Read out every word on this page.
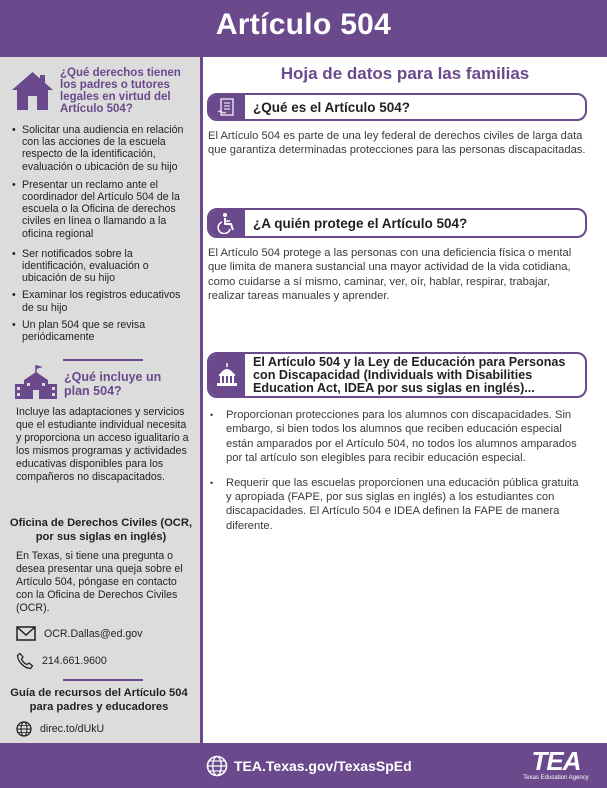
Artículo 504
¿Qué derechos tienen los padres o tutores legales en virtud del Artículo 504?
• Solicitar una audiencia en relación con las acciones de la escuela respecto de la identificación, evaluación o ubicación de su hijo
• Presentar un reclamo ante el coordinador del Artículo 504 de la escuela o la Oficina de derechos civiles en línea o llamando a la oficina regional
• Ser notificados sobre la identificación, evaluación o ubicación de su hijo
• Examinar los registros educativos de su hijo
• Un plan 504 que se revisa periódicamente
¿Qué incluye un plan 504?
Incluye las adaptaciones y servicios que el estudiante individual necesita y proporciona un acceso igualitario a los mismos programas y actividades educativas disponibles para los compañeros no discapacitados.
Oficina de Derechos Civiles (OCR, por sus siglas en inglés)
En Texas, si tiene una pregunta o desea presentar una queja sobre el Artículo 504, póngase en contacto con la Oficina de Derechos Civiles (OCR).
OCR.Dallas@ed.gov
214.661.9600
Guía de recursos del Artículo 504 para padres y educadores
direc.to/dUkU
Hoja de datos para las familias
¿Qué es el Artículo 504?
El Artículo 504 es parte de una ley federal de derechos civiles de larga data que garantiza determinadas protecciones para las personas discapacitadas.
¿A quién protege el Artículo 504?
El Artículo 504 protege a las personas con una deficiencia física o mental que limita de manera sustancial una mayor actividad de la vida cotidiana, como cuidarse a sí mismo, caminar, ver, oír, hablar, respirar, trabajar, realizar tareas manuales y aprender.
El Artículo 504 y la Ley de Educación para Personas con Discapacidad (Individuals with Disabilities Education Act, IDEA por sus siglas en inglés)...
• Proporcionan protecciones para los alumnos con discapacidades. Sin embargo, si bien todos los alumnos que reciben educación especial están amparados por el Artículo 504, no todos los alumnos amparados por tal artículo son elegibles para recibir educación especial.
• Requerir que las escuelas proporcionen una educación pública gratuita y apropiada (FAPE, por sus siglas en inglés) a los estudiantes con discapacidades. El Artículo 504 e IDEA definen la FAPE de manera diferente.
TEA.Texas.gov/TexasSpEd	TEA
Texas Education Agency
